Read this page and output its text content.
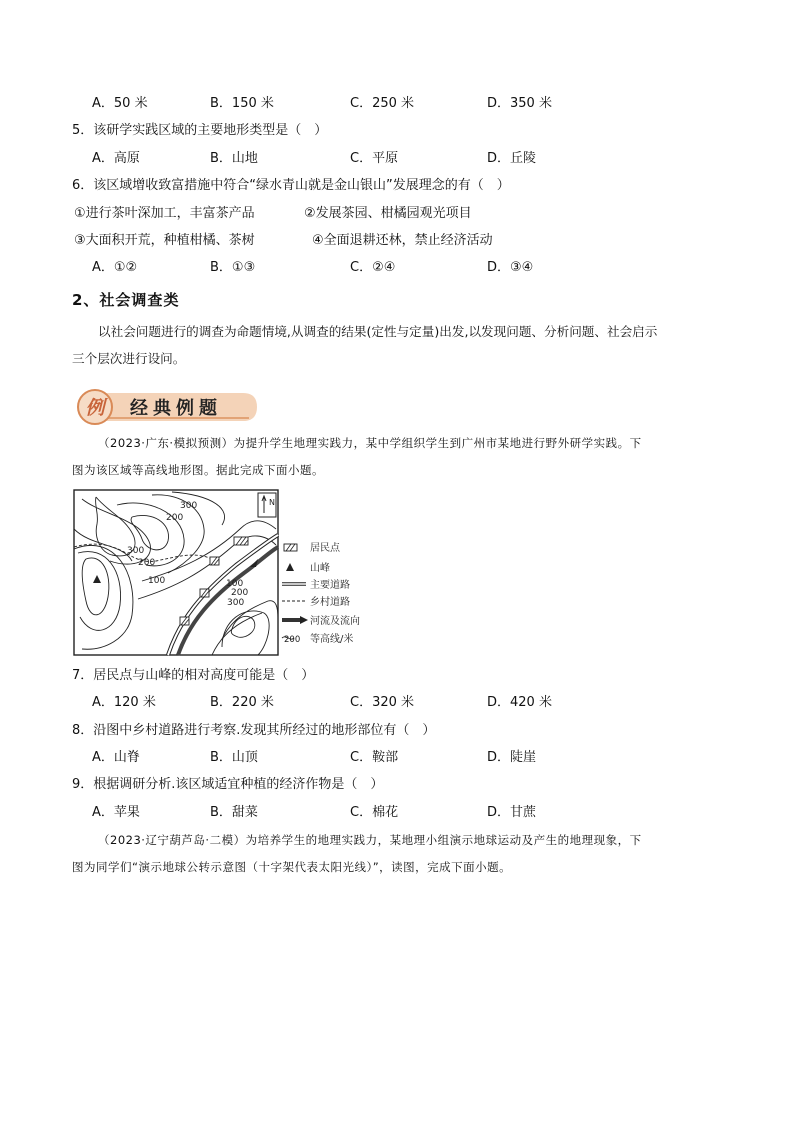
A．50 米	B．150 米	C．250 米	D．350 米
5．该研学实践区域的主要地形类型是（　）
A．高原	B．山地	C．平原	D．丘陵
6．该区域增收致富措施中符合“绿水青山就是金山银山”发展理念的有（　）
①进行茶叶深加工，丰富茶产品	②发展茶园、柑橘园观光项目
③大面积开荒，种植柑橘、茶树	④全面退耕还林，禁止经济活动
A．①②	B．①③	C．②④	D．③④
2、社会调查类
以社会问题进行的调查为命题情境,从调查的结果(定性与定量)出发,以发现问题、分析问题、社会启示
三个层次进行设问。
例 经典例题
（2023·广东·模拟预测）为提升学生地理实践力，某中学组织学生到广州市某地进行野外研学实践。下
图为该区域等高线地形图。据此完成下面小题。
N
300
200
300
200
100	100
200
300
200
居民点
山峰
主要道路
乡村道路
河流及流向
等高线/米
7．居民点与山峰的相对高度可能是（　）
A．120 米	B．220 米	C．320 米	D．420 米
8．沿图中乡村道路进行考察.发现其所经过的地形部位有（　）
A．山脊	B．山顶	C．鞍部	D．陡崖
9．根据调研分析.该区域适宜种植的经济作物是（　）
A．苹果	B．甜菜	C．棉花	D．甘蔗
（2023·辽宁葫芦岛·二模）为培养学生的地理实践力，某地理小组演示地球运动及产生的地理现象，下
图为同学们“演示地球公转示意图（十字架代表太阳光线）”，读图，完成下面小题。
